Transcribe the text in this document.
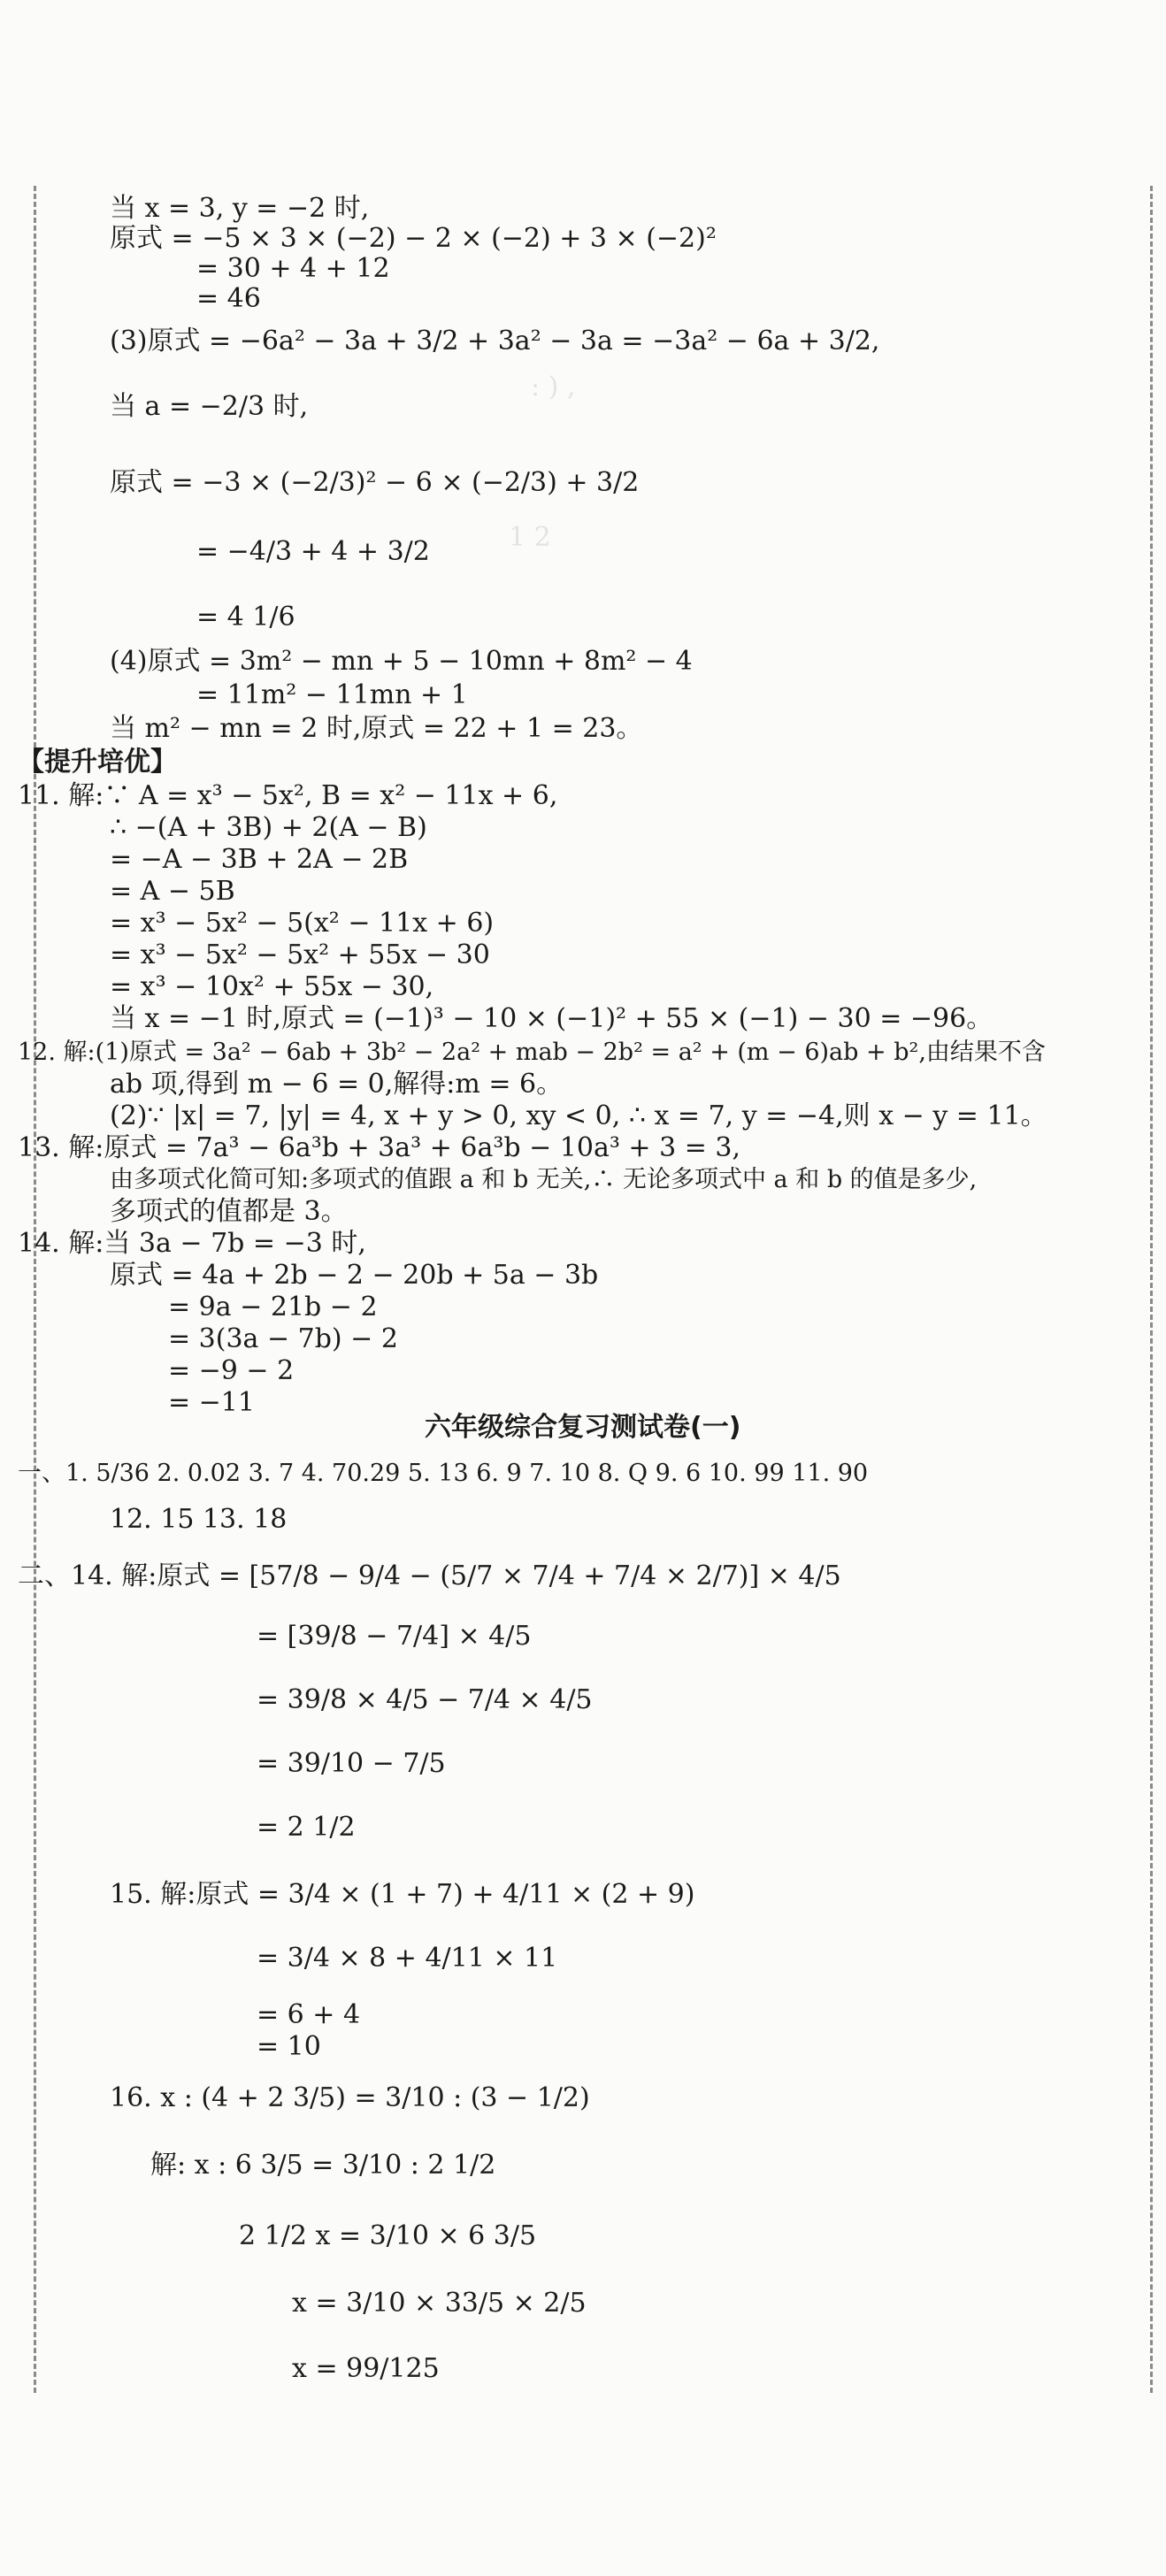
: ) ,
1 2
当 x = 3, y = −2 时,
原式 = −5 × 3 × (−2) − 2 × (−2) + 3 × (−2)²
= 30 + 4 + 12
= 46
(3)原式 = −6a² − 3a + 3/2 + 3a² − 3a = −3a² − 6a + 3/2,
当 a = −2/3 时,
原式 = −3 × (−2/3)² − 6 × (−2/3) + 3/2
= −4/3 + 4 + 3/2
= 4 1/6
(4)原式 = 3m² − mn + 5 − 10mn + 8m² − 4
= 11m² − 11mn + 1
当 m² − mn = 2 时,原式 = 22 + 1 = 23。
【提升培优】
11. 解:∵ A = x³ − 5x², B = x² − 11x + 6,
∴ −(A + 3B) + 2(A − B)
= −A − 3B + 2A − 2B
= A − 5B
= x³ − 5x² − 5(x² − 11x + 6)
= x³ − 5x² − 5x² + 55x − 30
= x³ − 10x² + 55x − 30,
当 x = −1 时,原式 = (−1)³ − 10 × (−1)² + 55 × (−1) − 30 = −96。
12. 解:(1)原式 = 3a² − 6ab + 3b² − 2a² + mab − 2b² = a² + (m − 6)ab + b²,由结果不含
ab 项,得到 m − 6 = 0,解得:m = 6。
(2)∵ |x| = 7, |y| = 4, x + y > 0, xy < 0, ∴ x = 7, y = −4,则 x − y = 11。
13. 解:原式 = 7a³ − 6a³b + 3a³ + 6a³b − 10a³ + 3 = 3,
由多项式化简可知:多项式的值跟 a 和 b 无关,∴ 无论多项式中 a 和 b 的值是多少,
多项式的值都是 3。
14. 解:当 3a − 7b = −3 时,
原式 = 4a + 2b − 2 − 20b + 5a − 3b
= 9a − 21b − 2
= 3(3a − 7b) − 2
= −9 − 2
= −11
六年级综合复习测试卷(一)
一、1. 5/36 2. 0.02 3. 7 4. 70.29 5. 13 6. 9 7. 10 8. Q 9. 6 10. 99 11. 90
12. 15 13. 18
二、14. 解:原式 = [57/8 − 9/4 − (5/7 × 7/4 + 7/4 × 2/7)] × 4/5
= [39/8 − 7/4] × 4/5
= 39/8 × 4/5 − 7/4 × 4/5
= 39/10 − 7/5
= 2 1/2
15. 解:原式 = 3/4 × (1 + 7) + 4/11 × (2 + 9)
= 3/4 × 8 + 4/11 × 11
= 6 + 4
= 10
16. x : (4 + 2 3/5) = 3/10 : (3 − 1/2)
解: x : 6 3/5 = 3/10 : 2 1/2
2 1/2 x = 3/10 × 6 3/5
x = 3/10 × 33/5 × 2/5
x = 99/125
